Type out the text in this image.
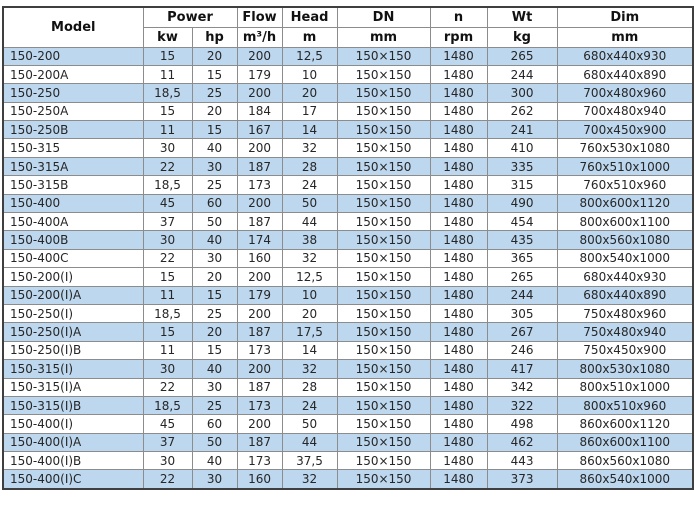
Model	Power		Flow	Head	DN	n	Wt	Dim
	kw	hp	m³/h	m	mm	rpm	kg	mm
150-200	15	20	200	12,5	150×150	1480	265	680x440x930
150-200A	11	15	179	10	150×150	1480	244	680x440x890
150-250	18,5	25	200	20	150×150	1480	300	700x480x960
150-250A	15	20	184	17	150×150	1480	262	700x480x940
150-250B	11	15	167	14	150×150	1480	241	700x450x900
150-315	30	40	200	32	150×150	1480	410	760x530x1080
150-315A	22	30	187	28	150×150	1480	335	760x510x1000
150-315B	18,5	25	173	24	150×150	1480	315	760x510x960
150-400	45	60	200	50	150×150	1480	490	800x600x1120
150-400A	37	50	187	44	150×150	1480	454	800x600x1100
150-400B	30	40	174	38	150×150	1480	435	800x560x1080
150-400C	22	30	160	32	150×150	1480	365	800x540x1000
150-200(I)	15	20	200	12,5	150×150	1480	265	680x440x930
150-200(I)A	11	15	179	10	150×150	1480	244	680x440x890
150-250(I)	18,5	25	200	20	150×150	1480	305	750x480x960
150-250(I)A	15	20	187	17,5	150×150	1480	267	750x480x940
150-250(I)B	11	15	173	14	150×150	1480	246	750x450x900
150-315(I)	30	40	200	32	150×150	1480	417	800x530x1080
150-315(I)A	22	30	187	28	150×150	1480	342	800x510x1000
150-315(I)B	18,5	25	173	24	150×150	1480	322	800x510x960
150-400(I)	45	60	200	50	150×150	1480	498	860x600x1120
150-400(I)A	37	50	187	44	150×150	1480	462	860x600x1100
150-400(I)B	30	40	173	37,5	150×150	1480	443	860x560x1080
150-400(I)C	22	30	160	32	150×150	1480	373	860x540x1000
